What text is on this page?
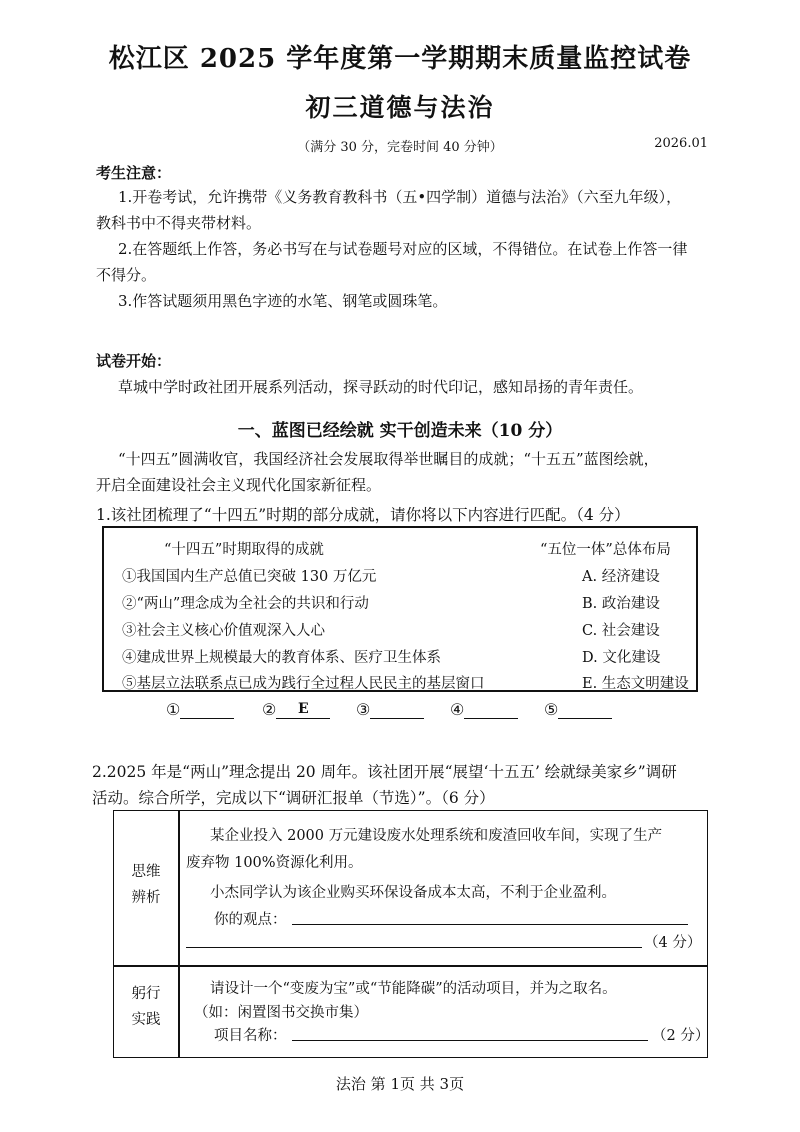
松江区 2025 学年度第一学期期末质量监控试卷
初三道德与法治
（满分 30 分，完卷时间 40 分钟）	2026.01
考生注意：
1.开卷考试，允许携带《义务教育教科书（五•四学制）道德与法治》（六至九年级），
教科书中不得夹带材料。
2.在答题纸上作答，务必书写在与试卷题号对应的区域，不得错位。在试卷上作答一律
不得分。
3.作答试题须用黑色字迹的水笔、钢笔或圆珠笔。
试卷开始：
草城中学时政社团开展系列活动，探寻跃动的时代印记，感知昂扬的青年责任。
一、蓝图已经绘就 实干创造未来（10 分）
“十四五”圆满收官，我国经济社会发展取得举世瞩目的成就；“十五五”蓝图绘就，
开启全面建设社会主义现代化国家新征程。
1.该社团梳理了“十四五”时期的部分成就，请你将以下内容进行匹配。（4 分）
“十四五”时期取得的成就	“五位一体”总体布局
①我国国内生产总值已突破 130 万亿元	A. 经济建设
②“两山”理念成为全社会的共识和行动	B. 政治建设
③社会主义核心价值观深入人心	C. 社会建设
④建成世界上规模最大的教育体系、医疗卫生体系	D. 文化建设
⑤基层立法联系点已成为践行全过程人民民主的基层窗口	E. 生态文明建设
①	② E	③	④	⑤
2.2025 年是“两山”理念提出 20 周年。该社团开展“展望‘十五五’ 绘就绿美家乡”调研
活动。综合所学，完成以下“调研汇报单（节选）”。（6 分）
思维
辨析
某企业投入 2000 万元建设废水处理系统和废渣回收车间，实现了生产
废弃物 100%资源化利用。
小杰同学认为该企业购买环保设备成本太高，不利于企业盈利。
你的观点：
（4 分）
躬行
实践
请设计一个“变废为宝”或“节能降碳”的活动项目，并为之取名。
（如：闲置图书交换市集）
项目名称：	（2 分）
法治 第 1页 共 3页
